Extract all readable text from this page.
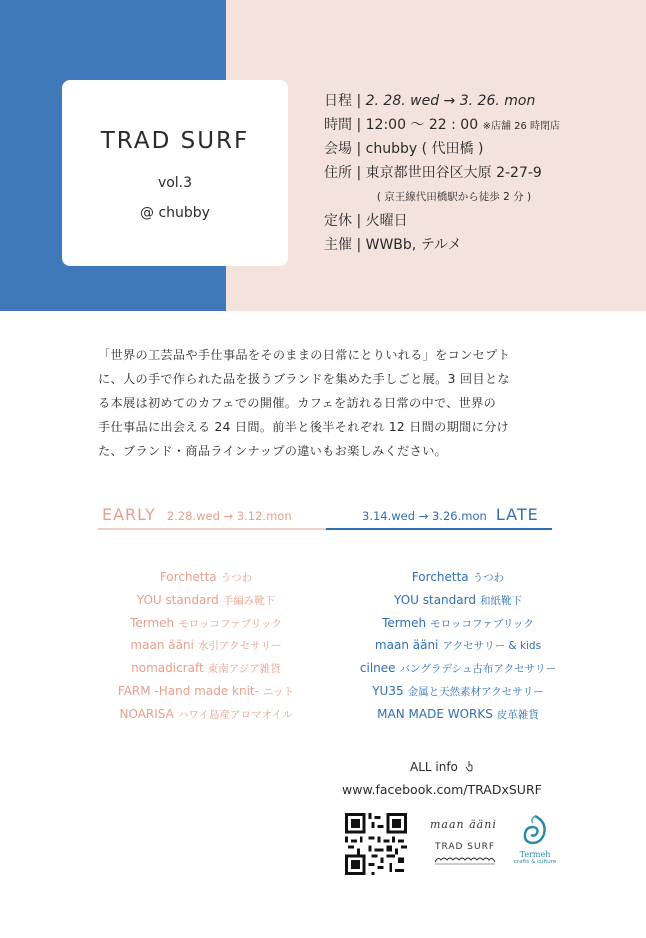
TRAD SURF
vol.3
@ chubby
日程 | 2. 28. wed → 3. 26. mon
時間 | 12:00 ～ 22 : 00 ※店舗 26 時閉店
会場 | chubby ( 代田橋 )
住所 | 東京都世田谷区大原 2-27-9
( 京王線代田橋駅から徒歩 2 分 )
定休 | 火曜日
主催 | WWBb, テルメ
「世界の工芸品や手仕事品をそのままの日常にとりいれる」をコンセプト
に、人の手で作られた品を扱うブランドを集めた手しごと展。3 回目とな
る本展は初めてのカフェでの開催。カフェを訪れる日常の中で、世界の
手仕事品に出会える 24 日間。前半と後半それぞれ 12 日間の期間に分け
た、ブランド・商品ラインナップの違いもお楽しみください。
EARLY 2.28.wed → 3.12.mon	3.14.wed → 3.26.mon LATE
Forchetta うつわ
YOU standard 手編み靴下
Termeh モロッコファブリック
maan ääni 水引アクセサリー
nomadicraft 東南アジア雑貨
FARM -Hand made knit- ニット
NOARISA ハワイ島産アロマオイル
Forchetta うつわ
YOU standard 和紙靴下
Termeh モロッコファブリック
maan ääni アクセサリー & kids
cilnee バングラデシュ古布アクセサリー
YU35 金属と天然素材アクセサリー
MAN MADE WORKS 皮革雑貨
ALL info
www.facebook.com/TRADxSURF
maan ääni
TRAD SURF
Termeh
crafts & culture
